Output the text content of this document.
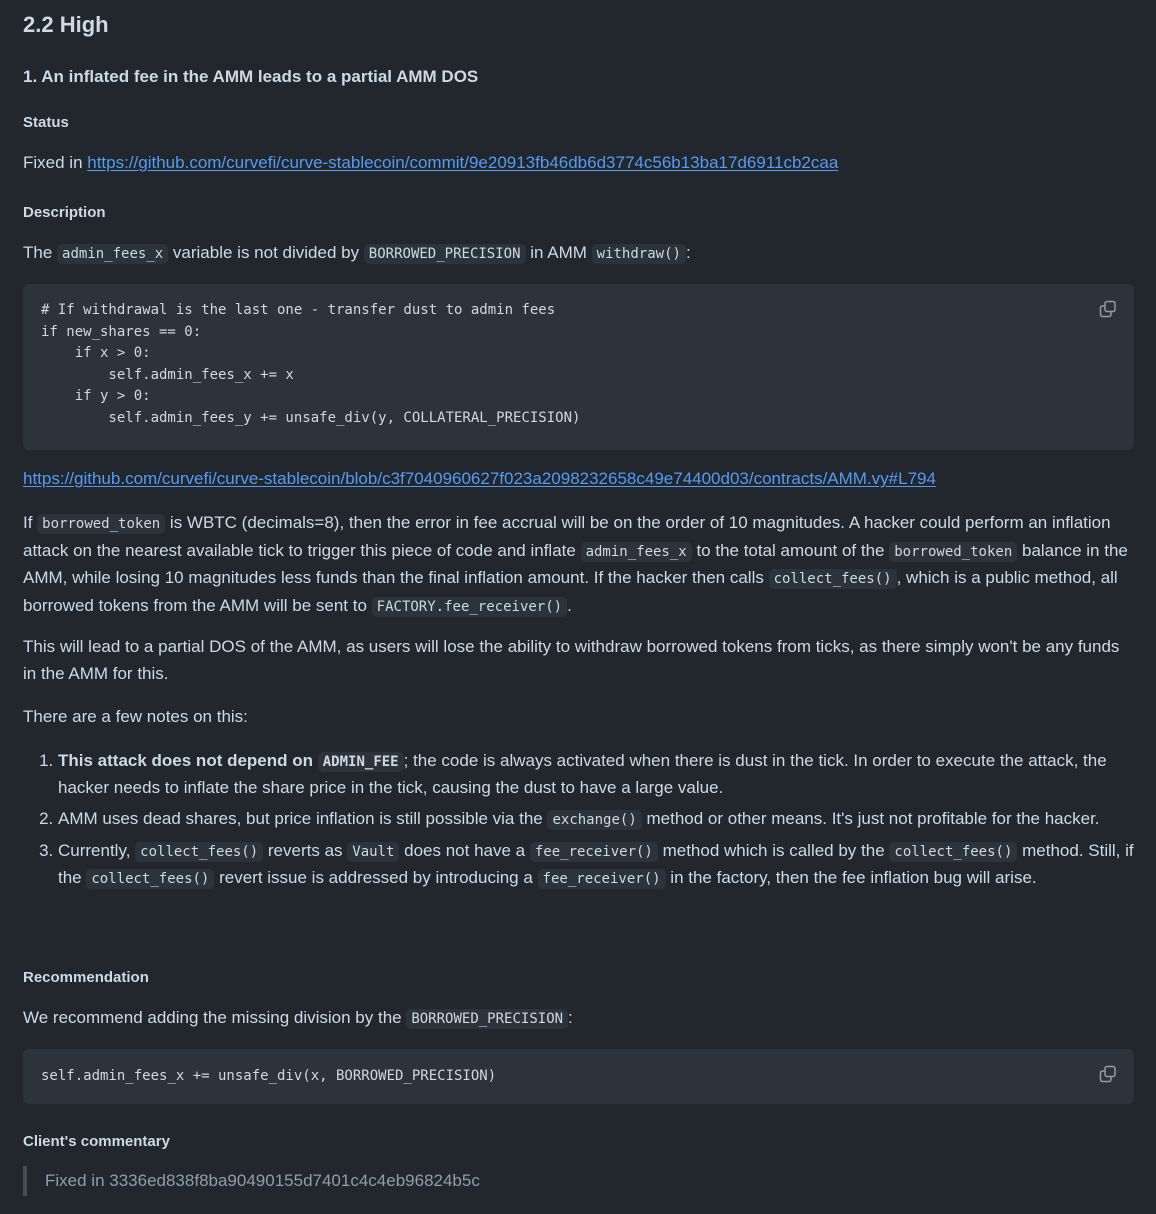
2.2 High
1. An inflated fee in the AMM leads to a partial AMM DOS
Status

Fixed in https://github.com/curvefi/curve-stablecoin/commit/9e20913fb46db6d3774c56b13ba17d6911cb2caa

Description

The admin_fees_x variable is not divided by BORROWED_PRECISION in AMM withdraw() :

# If withdrawal is the last one - transfer dust to admin fees
if new_shares == 0:
if x > 0:
self.admin_fees_x += x
if y > 0:
self.admin_fees_y += unsafe_div(y, COLLATERAL_PRECISION)

https://github.com/curvefi/curve-stablecoin/blob/c3f7040960627f023a2098232658c49e74400d03/contracts/AMM.vy#L794

If borrowed_token is WBTC (decimals=8), then the error in fee accrual will be on the order of 10 magnitudes. A hacker could perform an inflation attack on the nearest available tick to trigger this piece of code and inflate admin_fees_x to the total amount of the borrowed_token balance in the AMM, while losing 10 magnitudes less funds than the final inflation amount. If the hacker then calls collect_fees() , which is a public method, all borrowed tokens from the AMM will be sent to FACTORY.fee_receiver() .

This will lead to a partial DOS of the AMM, as users will lose the ability to withdraw borrowed tokens from ticks, as there simply won't be any funds in the AMM for this.

There are a few notes on this:

1. This attack does not depend on ADMIN_FEE ; the code is always activated when there is dust in the tick. In order to execute the attack, the hacker needs to inflate the share price in the tick, causing the dust to have a large value.
2. AMM uses dead shares, but price inflation is still possible via the exchange() method or other means. It's just not profitable for the hacker.
3. Currently, collect_fees() reverts as Vault does not have a fee_receiver() method which is called by the collect_fees() method. Still, if the collect_fees() revert issue is addressed by introducing a fee_receiver() in the factory, then the fee inflation bug will arise.
Recommendation

We recommend adding the missing division by the BORROWED_PRECISION :

self.admin_fees_x += unsafe_div(x, BORROWED_PRECISION)
Client's commentary
Fixed in 3336ed838f8ba90490155d7401c4c4eb96824b5c
